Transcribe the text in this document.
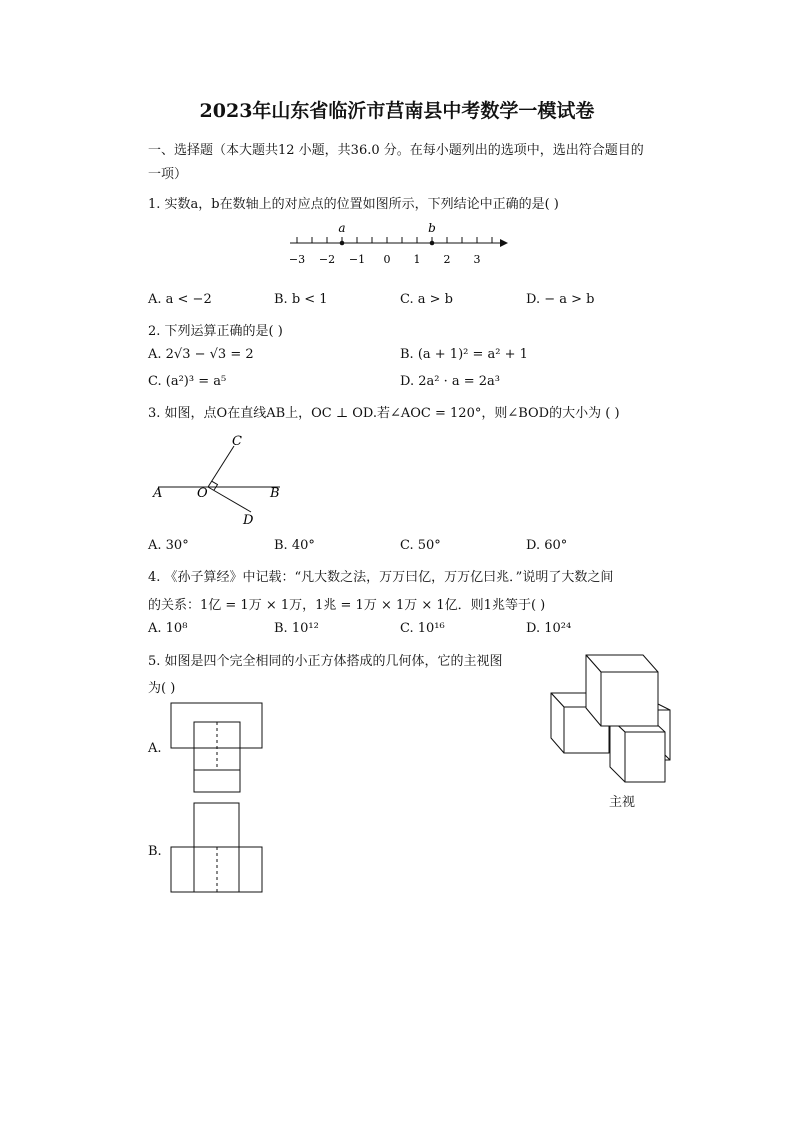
2023年山东省临沂市莒南县中考数学一模试卷
一、选择题（本大题共12 小题，共36.0 分。在每小题列出的选项中，选出符合题目的
一项）
1. 实数a，b在数轴上的对应点的位置如图所示，下列结论中正确的是( )
a	b
−3 −2 −1 0 1 2 3
A. a < −2	B. b < 1	C. a > b	D. − a > b
2. 下列运算正确的是( )
A. 2√3 − √3 = 2	B. (a + 1)² = a² + 1
C. (a²)³ = a⁵	D. 2a² · a = 2a³
3. 如图，点O在直线AB上，OC ⊥ OD.若∠AOC = 120°，则∠BOD的大小为 ( )
C
A	O	B
D
A. 30°	B. 40°	C. 50°	D. 60°
4. 《孙子算经》中记载：“凡大数之法，万万曰亿，万万亿曰兆．”说明了大数之间
的关系：1亿 = 1万 × 1万，1兆 = 1万 × 1万 × 1亿．则1兆等于( )
A. 10⁸	B. 10¹²	C. 10¹⁶	D. 10²⁴
5. 如图是四个完全相同的小正方体搭成的几何体，它的主视图
为( )
主视
A.
B.
